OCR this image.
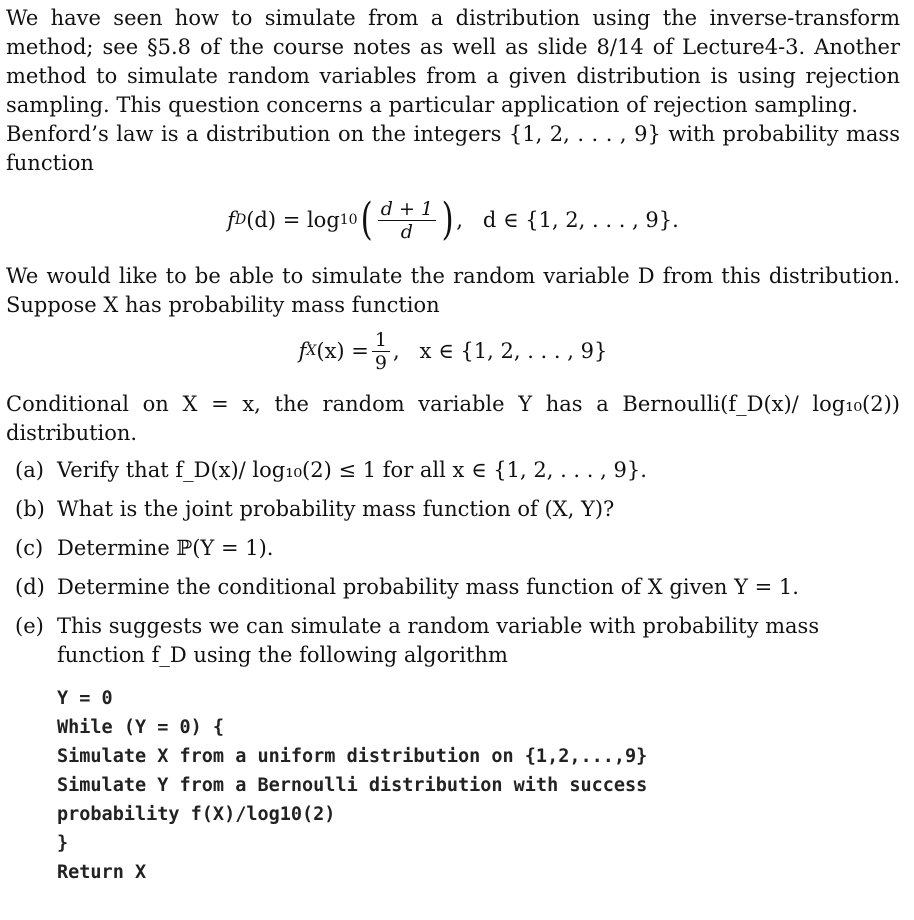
We have seen how to simulate from a distribution using the inverse-transform method; see §5.8 of the course notes as well as slide 8/14 of Lecture4-3. Another method to simulate random variables from a given distribution is using rejection sampling. This question concerns a particular application of rejection sampling.

Benford’s law is a distribution on the integers {1, 2, . . . , 9} with probability mass function

f D (d) = log 10 ( $\frac{d + 1}{d}$ ) ,   d ∈ {1, 2, . . . , 9}.

We would like to be able to simulate the random variable D from this distribution. Suppose X has probability mass function

f X $(x) = \frac{1}{9}$ ,   x ∈ {1, 2, . . . , 9}

Conditional on X = x, the random variable Y has a Bernoulli(f_D(x)/ log₁₀(2)) distribution.

(a) Verify that f_D(x)/ log₁₀(2) ≤ 1 for all x ∈ {1, 2, . . . , 9}.
(b) What is the joint probability mass function of (X, Y)?
(c) Determine ℙ(Y = 1).
(d) Determine the conditional probability mass function of X given Y = 1.
(e) This suggests we can simulate a random variable with probability mass function f_D using the following algorithm
Y = 0
While (Y = 0) {
Simulate X from a uniform distribution on {1,2,...,9}
Simulate Y from a Bernoulli distribution with success
probability f(X)/log10(2)
}
Return X
